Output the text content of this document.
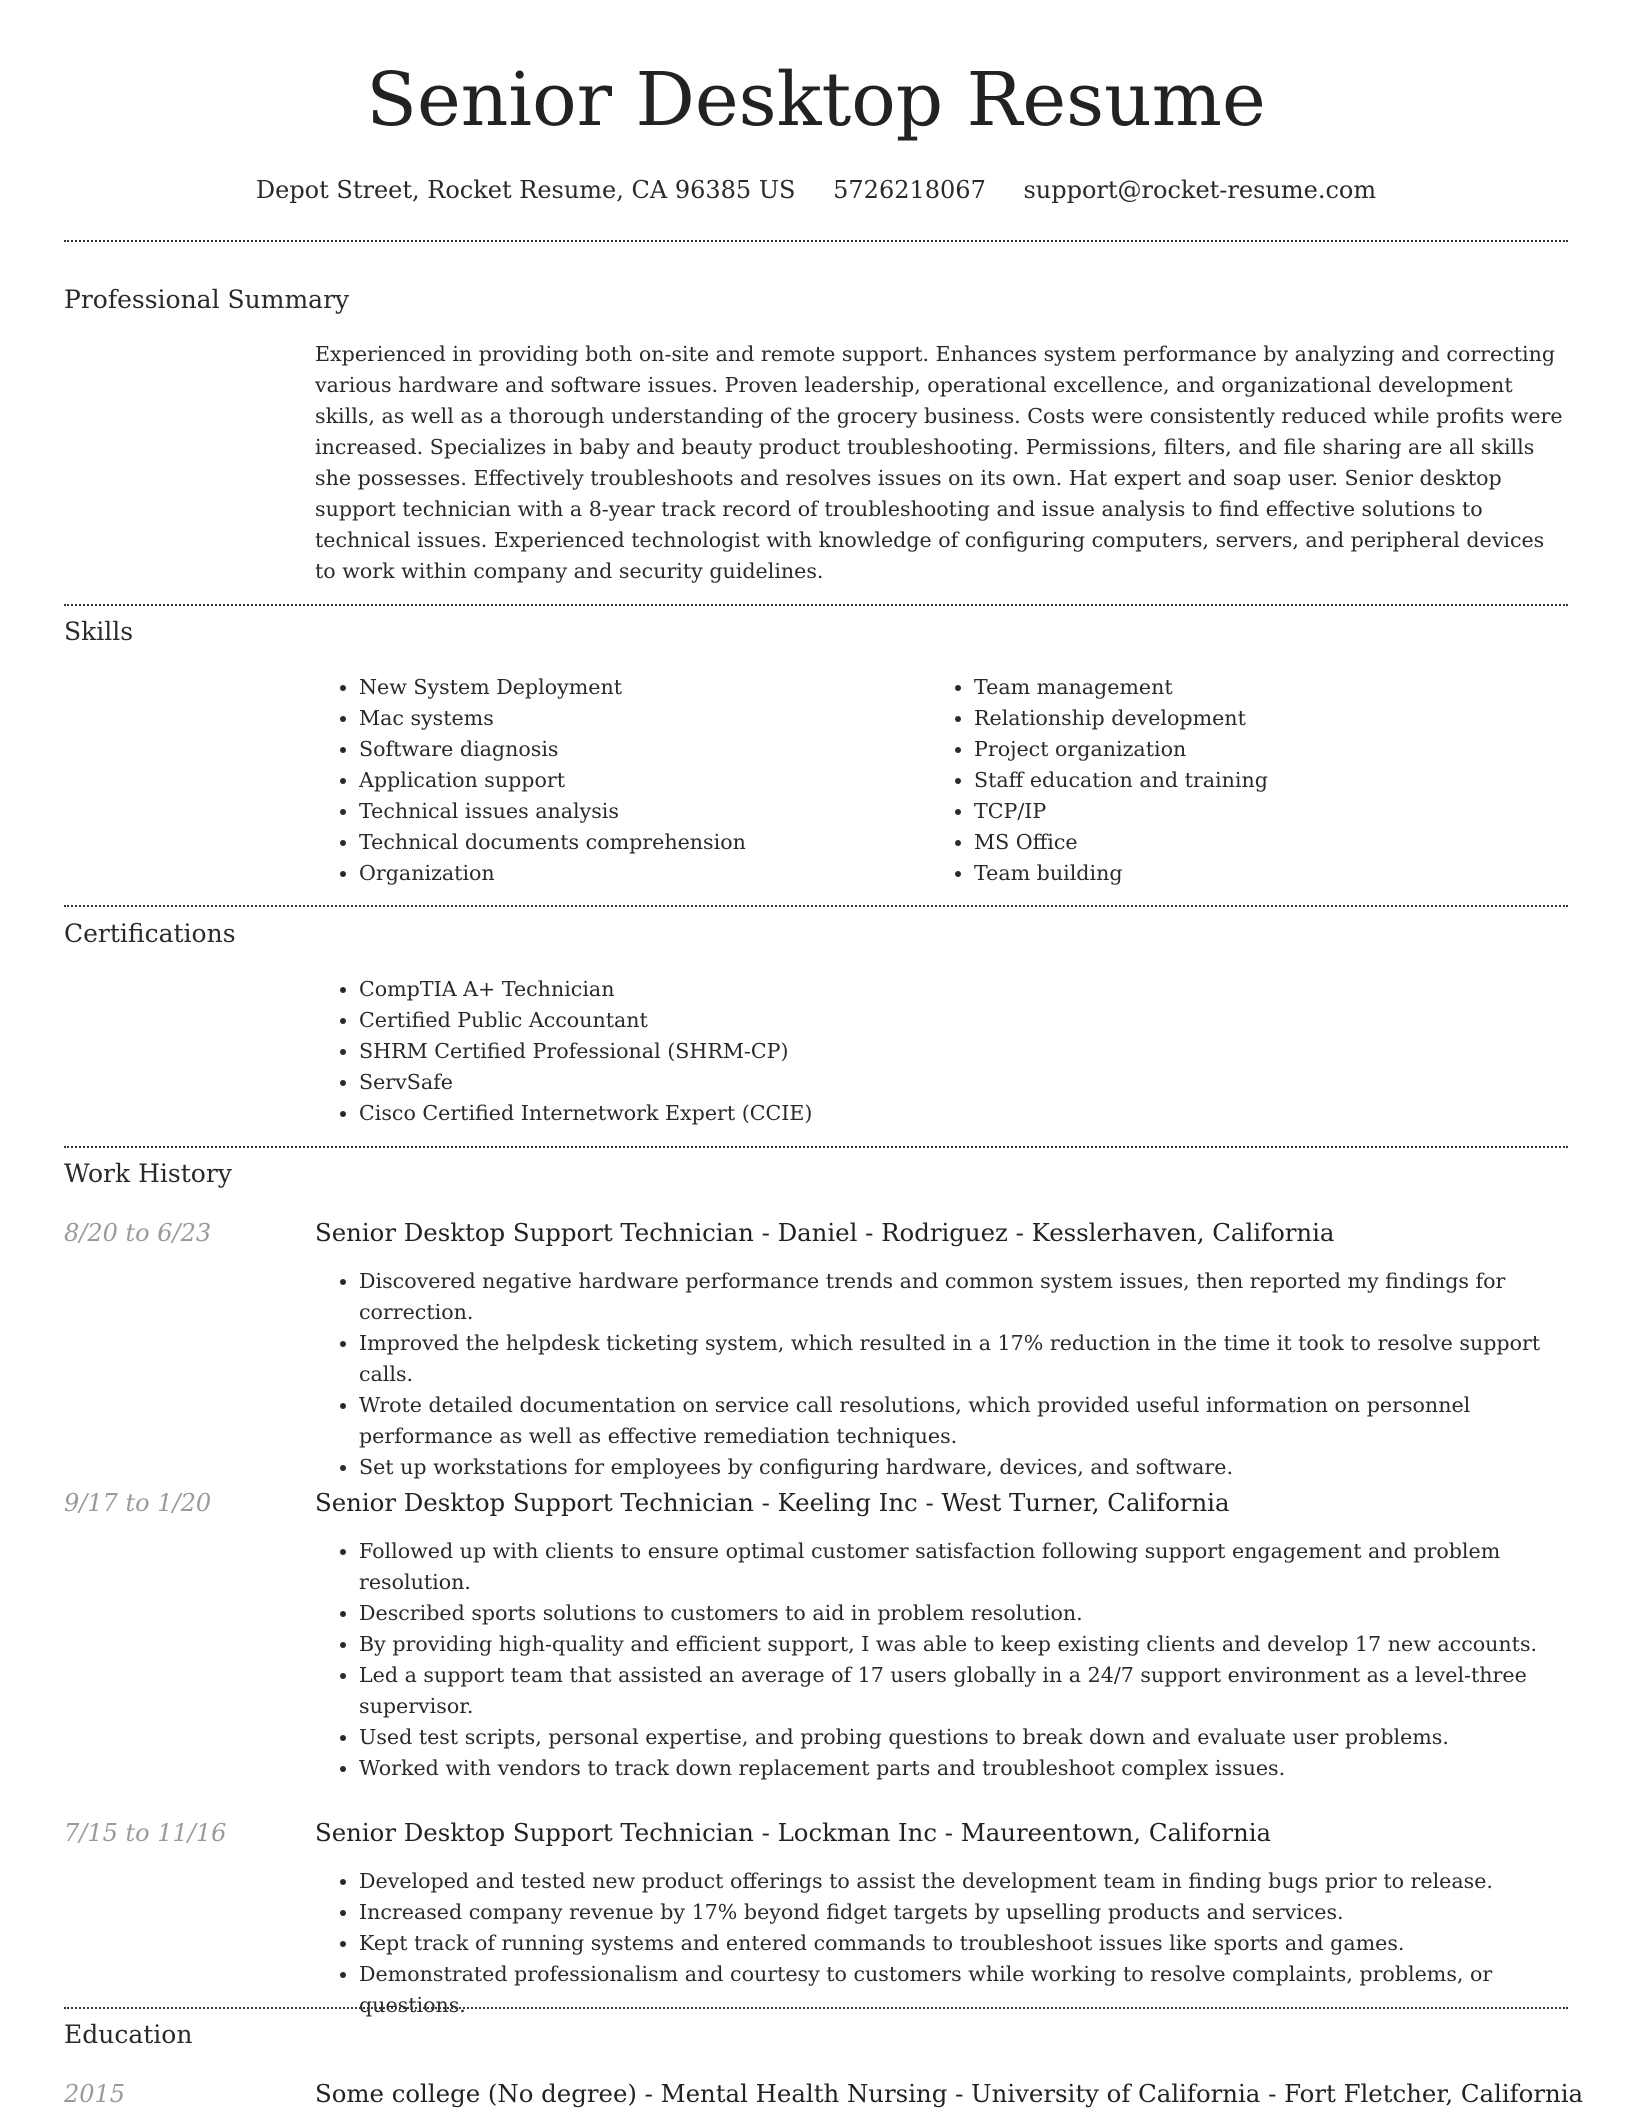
Senior Desktop Resume
Depot Street, Rocket Resume, CA 96385 US 5726218067 support@rocket-resume.com
Professional Summary

Experienced in providing both on-site and remote support. Enhances system performance by analyzing and correcting various hardware and software issues. Proven leadership, operational excellence, and organizational development skills, as well as a thorough understanding of the grocery business. Costs were consistently reduced while profits were increased. Specializes in baby and beauty product troubleshooting. Permissions, filters, and file sharing are all skills she possesses. Effectively troubleshoots and resolves issues on its own. Hat expert and soap user. Senior desktop support technician with a 8-year track record of troubleshooting and issue analysis to find effective solutions to technical issues. Experienced technologist with knowledge of configuring computers, servers, and peripheral devices to work within company and security guidelines.

Skills
• New System Deployment
• Mac systems
• Software diagnosis
• Application support
• Technical issues analysis
• Technical documents comprehension
• Organization
• Team management
• Relationship development
• Project organization
• Staff education and training
• TCP/IP
• MS Office
• Team building
Certifications
• CompTIA A+ Technician
• Certified Public Accountant
• SHRM Certified Professional (SHRM-CP)
• ServSafe
• Cisco Certified Internetwork Expert (CCIE)
Work History
8/20 to 6/23	Senior Desktop Support Technician - Daniel - Rodriguez - Kesslerhaven, California
• Discovered negative hardware performance trends and common system issues, then reported my findings for correction.
• Improved the helpdesk ticketing system, which resulted in a 17% reduction in the time it took to resolve support calls.
• Wrote detailed documentation on service call resolutions, which provided useful information on personnel performance as well as effective remediation techniques.
• Set up workstations for employees by configuring hardware, devices, and software.
9/17 to 1/20	Senior Desktop Support Technician - Keeling Inc - West Turner, California
• Followed up with clients to ensure optimal customer satisfaction following support engagement and problem resolution.
• Described sports solutions to customers to aid in problem resolution.
• By providing high-quality and efficient support, I was able to keep existing clients and develop 17 new accounts.
• Led a support team that assisted an average of 17 users globally in a 24/7 support environment as a level-three supervisor.
• Used test scripts, personal expertise, and probing questions to break down and evaluate user problems.
• Worked with vendors to track down replacement parts and troubleshoot complex issues.
7/15 to 11/16	Senior Desktop Support Technician - Lockman Inc - Maureentown, California
• Developed and tested new product offerings to assist the development team in finding bugs prior to release.
• Increased company revenue by 17% beyond fidget targets by upselling products and services.
• Kept track of running systems and entered commands to troubleshoot issues like sports and games.
• Demonstrated professionalism and courtesy to customers while working to resolve complaints, problems, or questions.
Education
2015	Some college (No degree) - Mental Health Nursing - University of California - Fort Fletcher, California
